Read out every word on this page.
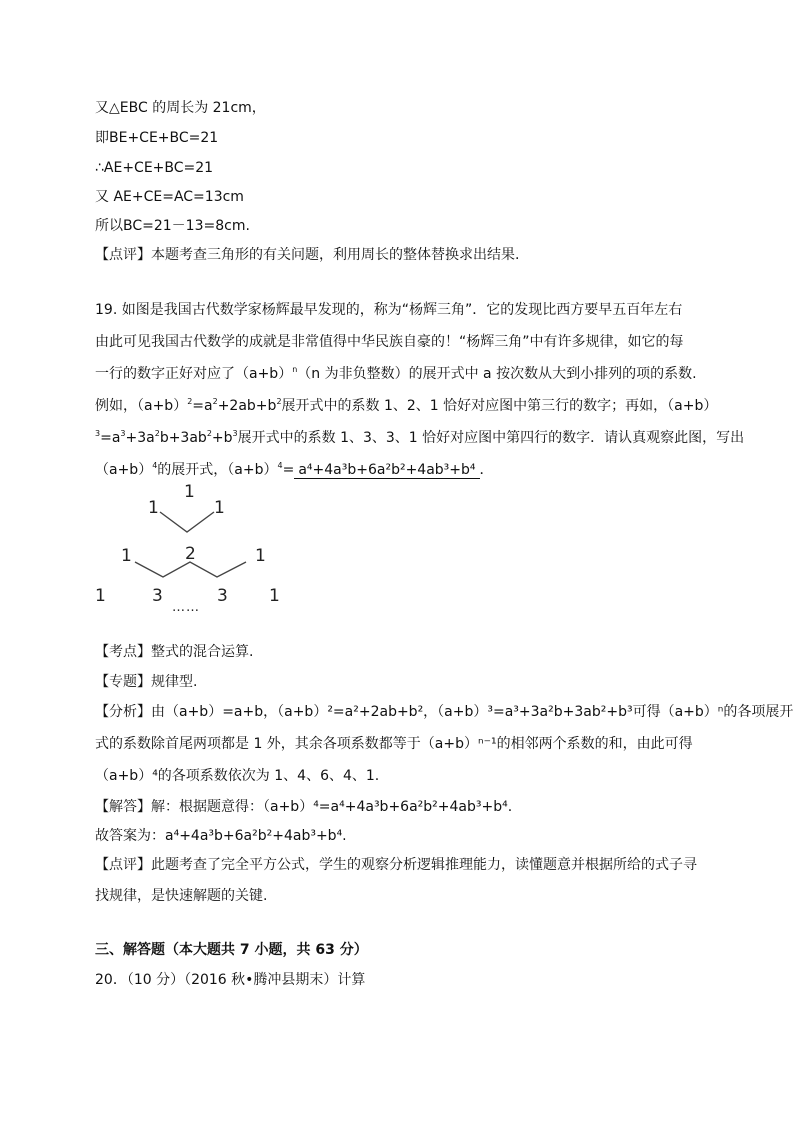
又△EBC 的周长为 21cm，
即BE+CE+BC=21
∴AE+CE+BC=21
又 AE+CE=AC=13cm
所以BC=21－13=8cm.
【点评】本题考查三角形的有关问题，利用周长的整体替换求出结果.
19. 如图是我国古代数学家杨辉最早发现的，称为“杨辉三角”．它的发现比西方要早五百年左右
由此可见我国古代数学的成就是非常值得中华民族自豪的！“杨辉三角”中有许多规律，如它的每
一行的数字正好对应了$(a+b)^n(n$ 为非负整数）的展开式中 a 按次数从大到小排列的项的系数.
例如，$(a+b)^2=a^2+2ab+b^2$展开式中的系数 1、2、1 恰好对应图中第三行的数字；再如，（a+b）
$^3=a^3+3a^2b+3ab^2+b^3$展开式中的系数 1、3、3、1 恰好对应图中第四行的数字．请认真观察此图，写出
$(a+b)^4$的展开式，$(a+b)^4= a^4+4a^3b+6a^2b^2+4ab^3+b^4$ ．
1
1	1
1	2	1
1	3	3 1
……
【考点】整式的混合运算.
【专题】规律型.
【分析】由（a+b）=a+b，（a+b）²=a²+2ab+b²，（a+b）³=a³+3a²b+3ab²+b³可得（a+b）ⁿ的各项展开
式的系数除首尾两项都是 1 外，其余各项系数都等于（a+b）ⁿ⁻¹的相邻两个系数的和，由此可得
（a+b）⁴的各项系数依次为 1、4、6、4、1.
【解答】解：根据题意得：（a+b）⁴=a⁴+4a³b+6a²b²+4ab³+b⁴.
故答案为：a⁴+4a³b+6a²b²+4ab³+b⁴.
【点评】此题考查了完全平方公式，学生的观察分析逻辑推理能力，读懂题意并根据所给的式子寻
找规律，是快速解题的关键.
三、解答题（本大题共 7 小题，共 63 分）
20．（10 分）（2016 秋•腾冲县期末）计算
